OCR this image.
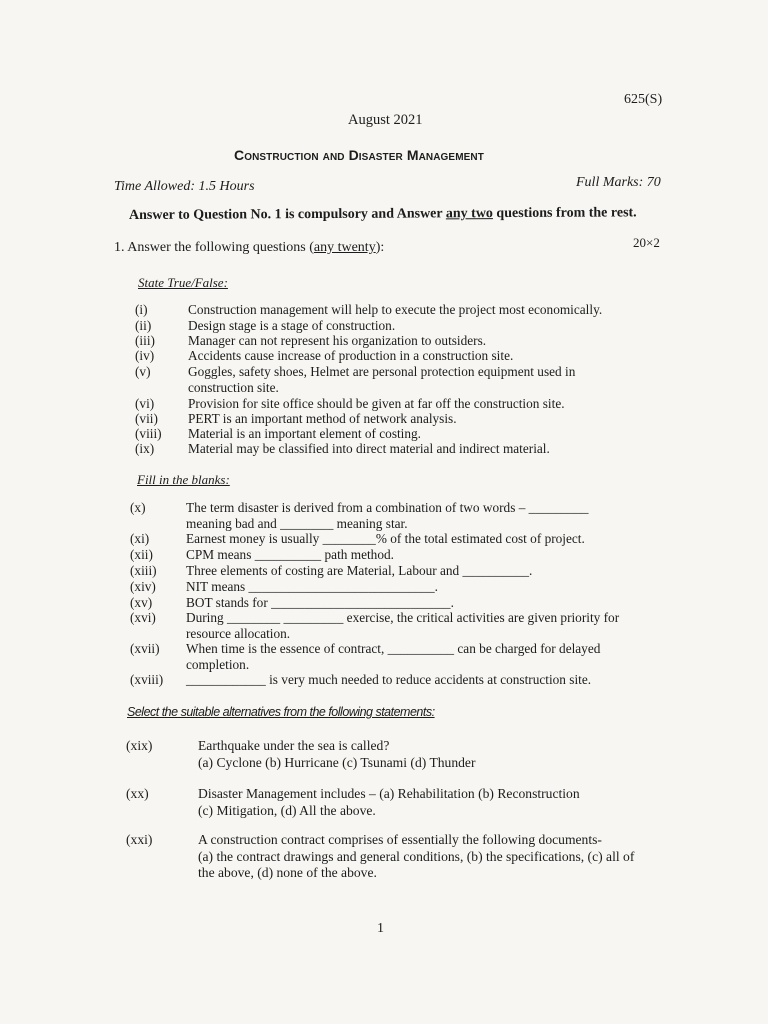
625(S)
August 2021
Construction and Disaster Management
Time Allowed: 1.5 Hours	Full Marks: 70
Answer to Question No. 1 is compulsory and Answer any two questions from the rest.
1. Answer the following questions (any twenty):	20×2
State True/False:
(i)	Construction management will help to execute the project most economically.
(ii)	Design stage is a stage of construction.
(iii) Manager can not represent his organization to outsiders.
(iv)	Accidents cause increase of production in a construction site.
(v)	Goggles, safety shoes, Helmet are personal protection equipment used in
construction site.
(vi)	Provision for site office should be given at far off the construction site.
(vii) PERT is an important method of network analysis.
(viii) Material is an important element of costing.
(ix)	Material may be classified into direct material and indirect material.
Fill in the blanks:
(x)	The term disaster is derived from a combination of two words – _________
meaning bad and ________ meaning star.
(xi)	Earnest money is usually ________% of the total estimated cost of project.
(xii) CPM means __________ path method.
(xiii) Three elements of costing are Material, Labour and __________.
(xiv) NIT means ____________________________.
(xv)	BOT stands for ___________________________.
(xvi) During ________ _________ exercise, the critical activities are given priority for
resource allocation.
(xvii) When time is the essence of contract, __________ can be charged for delayed
completion.
(xviii) ____________ is very much needed to reduce accidents at construction site.
Select the suitable alternatives from the following statements:
(xix)	Earthquake under the sea is called?
(a) Cyclone (b) Hurricane (c) Tsunami (d) Thunder
(xx)	Disaster Management includes – (a) Rehabilitation (b) Reconstruction
(c) Mitigation, (d) All the above.
(xxi)	A construction contract comprises of essentially the following documents-
(a) the contract drawings and general conditions, (b) the specifications, (c) all of
the above, (d) none of the above.
1
